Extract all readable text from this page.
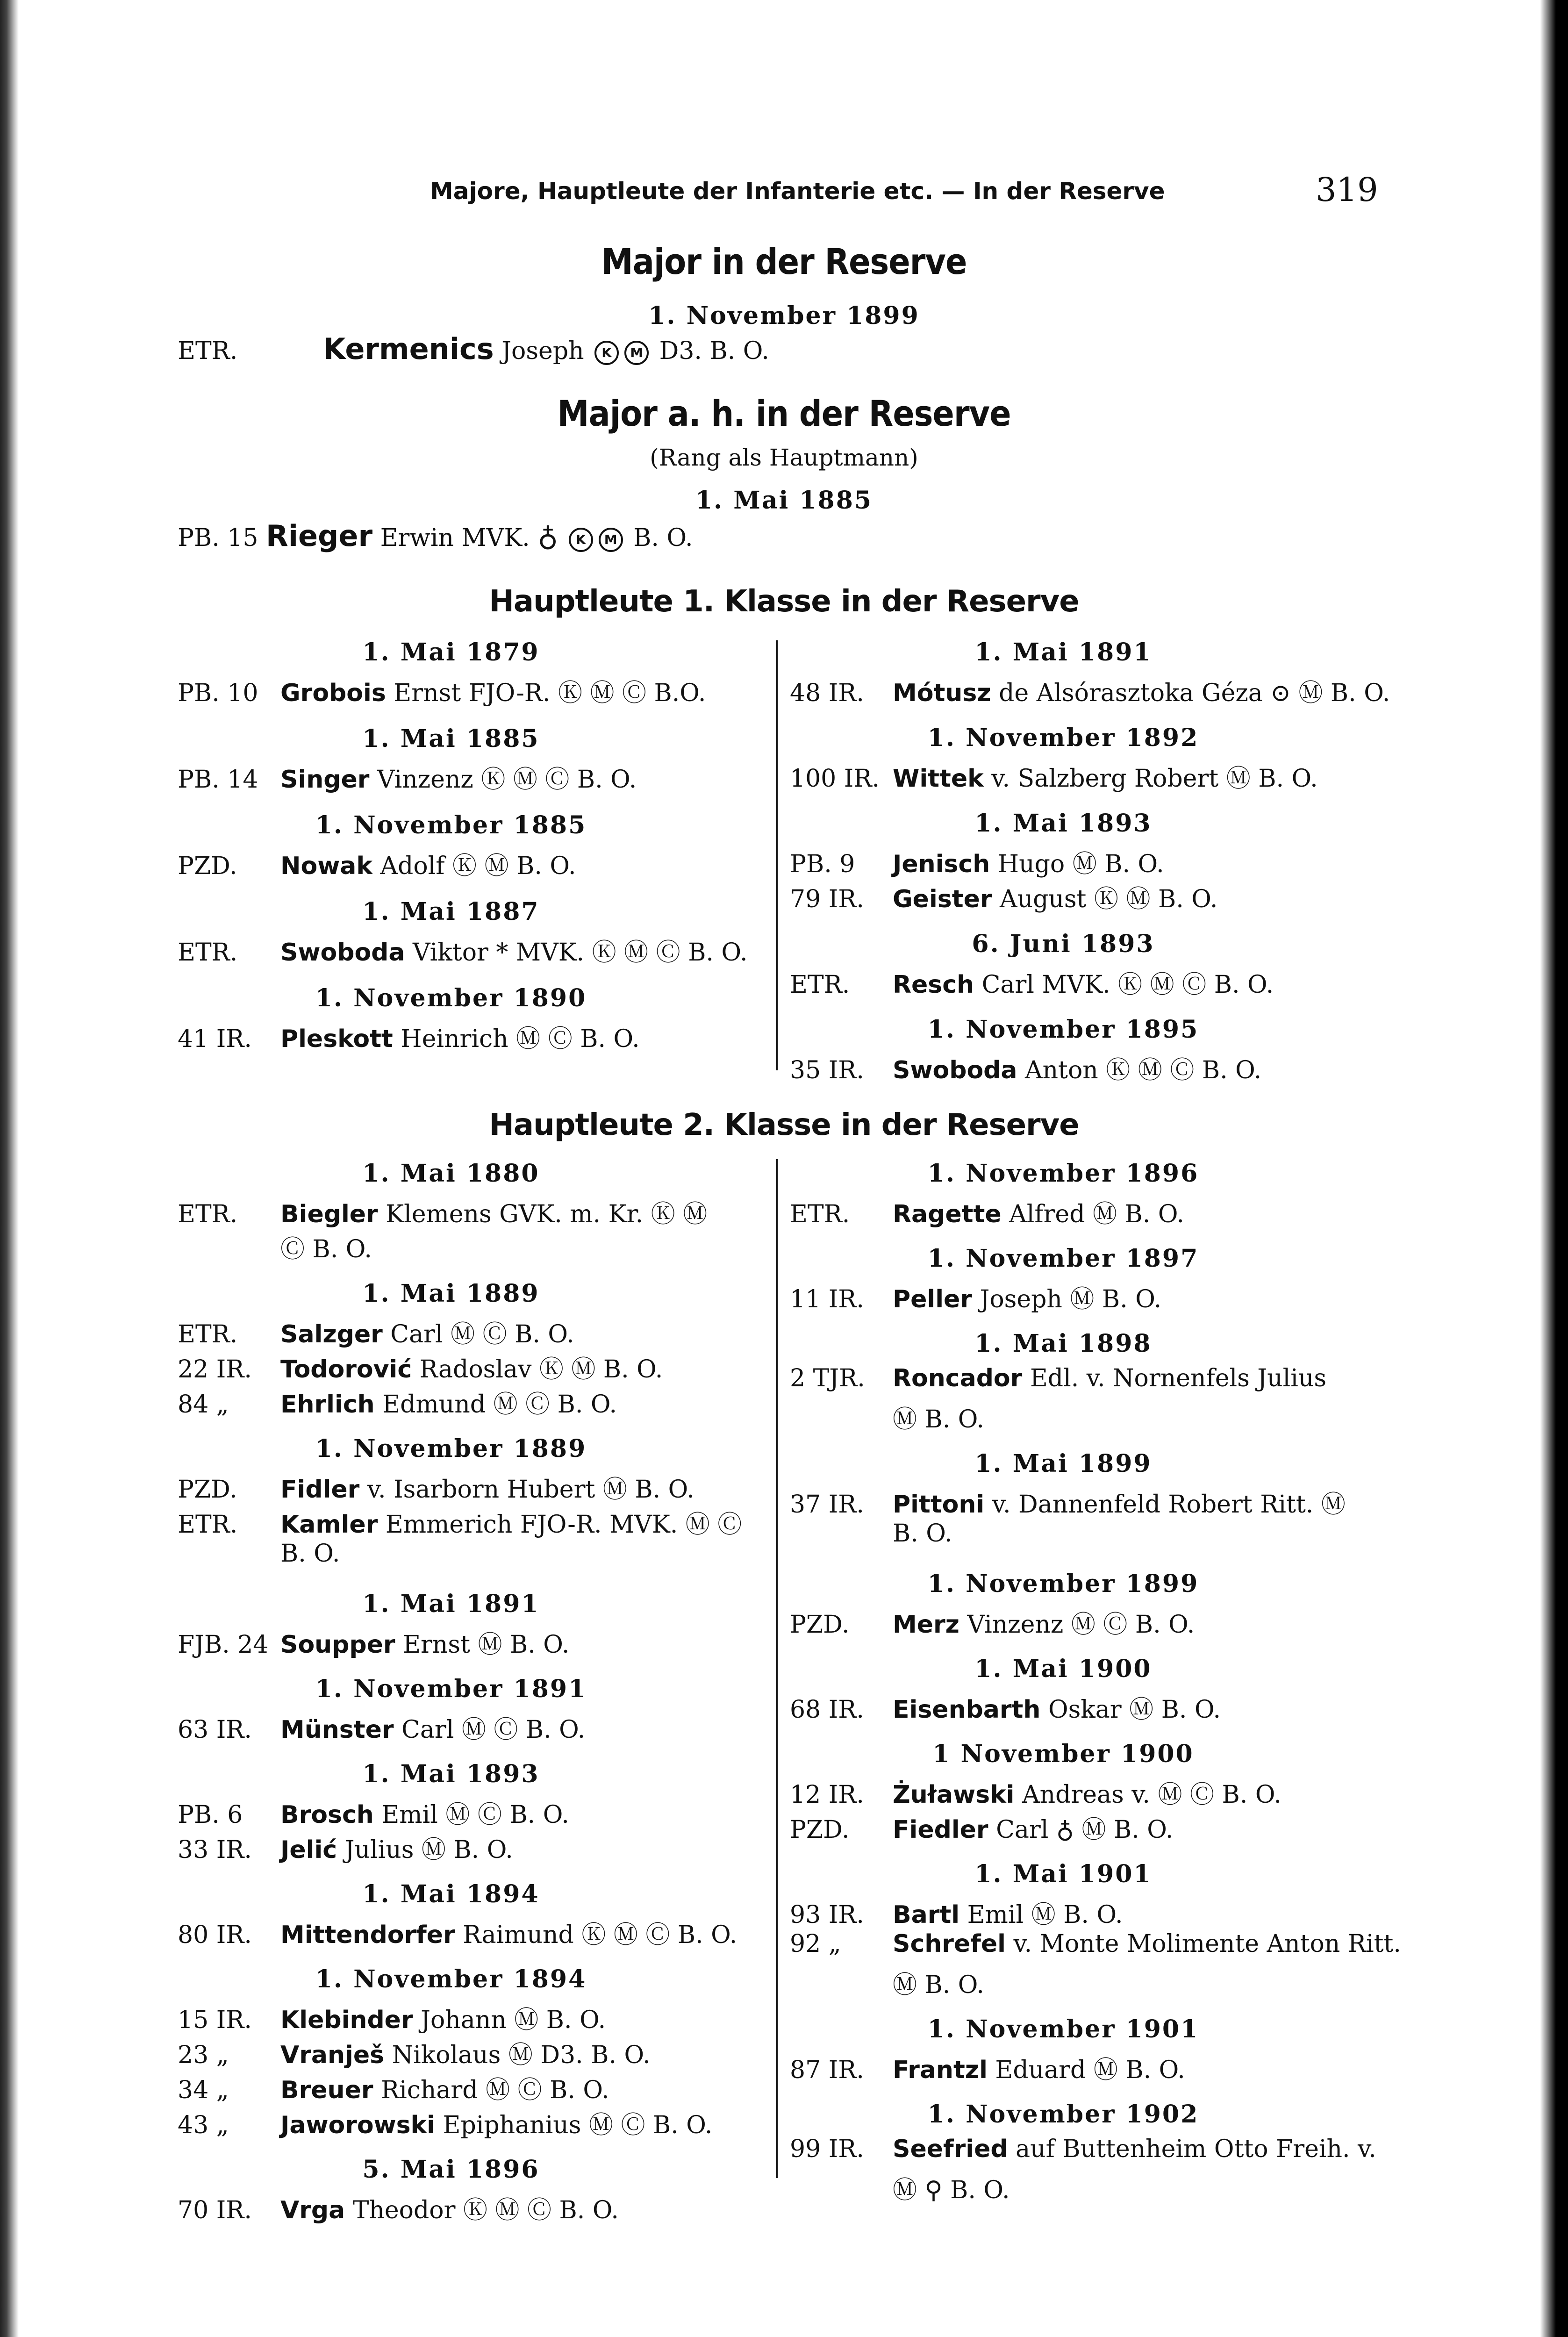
Majore, Hauptleute der Infanterie etc. — In der Reserve	319
Major in der Reserve
1. November 1899
ETR.	Kermenics Joseph K M D3. B. O.
Major a. h. in der Reserve
(Rang als Hauptmann)
1. Mai 1885
PB. 15 Rieger Erwin MVK. ♁ K M B. O.
Hauptleute 1. Klasse in der Reserve
1. Mai 1879
PB. 10 Grobois Ernst FJO-R. Ⓚ Ⓜ Ⓒ B.O.
1. Mai 1885
PB. 14 Singer Vinzenz Ⓚ Ⓜ Ⓒ B. O.
1. November 1885
PZD. Nowak Adolf Ⓚ Ⓜ B. O.
1. Mai 1887
ETR. Swoboda Viktor * MVK. Ⓚ Ⓜ Ⓒ B. O.
1. November 1890
41 IR. Pleskott Heinrich Ⓜ Ⓒ B. O.
1. Mai 1891
48 IR. Mótusz de Alsórasztoka Géza ⊙ Ⓜ B. O.
1. November 1892
100 IR. Wittek v. Salzberg Robert Ⓜ B. O.
1. Mai 1893
PB. 9 Jenisch Hugo Ⓜ B. O.
79 IR. Geister August Ⓚ Ⓜ B. O.
6. Juni 1893
ETR. Resch Carl MVK. Ⓚ Ⓜ Ⓒ B. O.
1. November 1895
35 IR. Swoboda Anton Ⓚ Ⓜ Ⓒ B. O.
Hauptleute 2. Klasse in der Reserve
1. Mai 1880
ETR. Biegler Klemens GVK. m. Kr. Ⓚ Ⓜ
Ⓒ B. O.
1. Mai 1889
ETR. Salzger Carl Ⓜ Ⓒ B. O.
22 IR. Todorović Radoslav Ⓚ Ⓜ B. O.
84 „ Ehrlich Edmund Ⓜ Ⓒ B. O.
1. November 1889
PZD. Fidler v. Isarborn Hubert Ⓜ B. O.
ETR. Kamler Emmerich FJO-R. MVK. Ⓜ Ⓒ
B. O.
1. Mai 1891
FJB. 24 Soupper Ernst Ⓜ B. O.
1. November 1891
63 IR. Münster Carl Ⓜ Ⓒ B. O.
1. Mai 1893
PB. 6 Brosch Emil Ⓜ Ⓒ B. O.
33 IR. Jelić Julius Ⓜ B. O.
1. Mai 1894
80 IR. Mittendorfer Raimund Ⓚ Ⓜ Ⓒ B. O.
1. November 1894
15 IR. Klebinder Johann Ⓜ B. O.
23 „ Vranješ Nikolaus Ⓜ D3. B. O.
34 „ Breuer Richard Ⓜ Ⓒ B. O.
43 „ Jaworowski Epiphanius Ⓜ Ⓒ B. O.
5. Mai 1896
70 IR. Vrga Theodor Ⓚ Ⓜ Ⓒ B. O.
1. November 1896
ETR. Ragette Alfred Ⓜ B. O.
1. November 1897
11 IR. Peller Joseph Ⓜ B. O.
1. Mai 1898
2 TJR. Roncador Edl. v. Nornenfels Julius
Ⓜ B. O.
1. Mai 1899
37 IR. Pittoni v. Dannenfeld Robert Ritt. Ⓜ
B. O.
1. November 1899
PZD. Merz Vinzenz Ⓜ Ⓒ B. O.
1. Mai 1900
68 IR. Eisenbarth Oskar Ⓜ B. O.
1 November 1900
12 IR. Żuławski Andreas v. Ⓜ Ⓒ B. O.
PZD. Fiedler Carl ♁ Ⓜ B. O.
1. Mai 1901
93 IR. Bartl Emil Ⓜ B. O.
92 „ Schrefel v. Monte Molimente Anton Ritt.
Ⓜ B. O.
1. November 1901
87 IR. Frantzl Eduard Ⓜ B. O.
1. November 1902
99 IR. Seefried auf Buttenheim Otto Freih. v.
Ⓜ ⚲ B. O.
